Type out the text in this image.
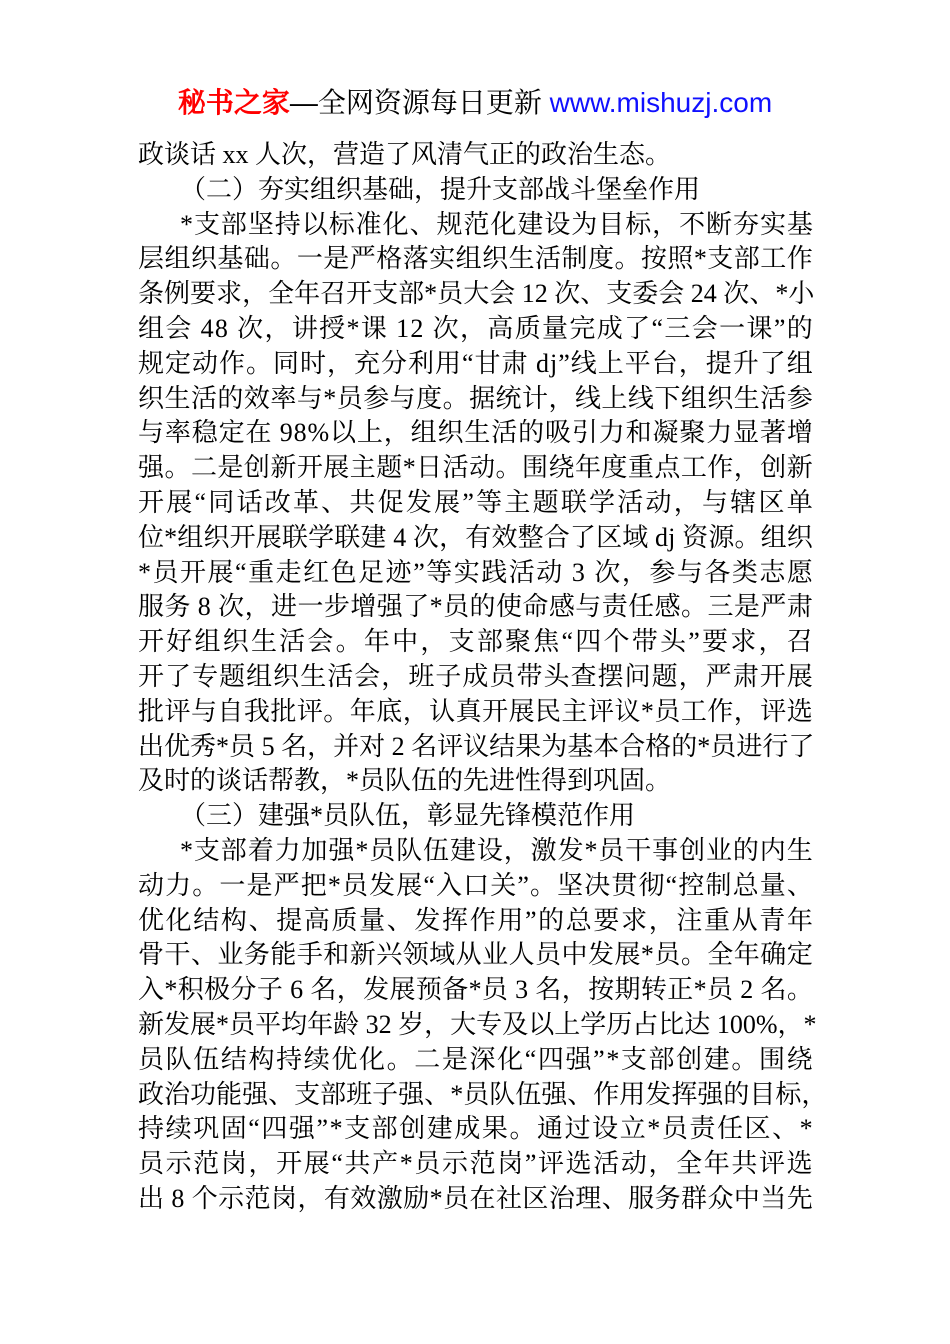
秘书之家—全网资源每日更新 www.mishuzj.com
政谈话 xx 人次，营造了风清气正的政治生态。
（二）夯实组织基础，提升支部战斗堡垒作用
* 支 部 坚 持 以 标 准 化 、 规 范 化 建 设 为 目 标 ， 不 断 夯 实 基
层 组 织 基 础 。 一 是 严 格 落 实 组 织 生 活 制 度 。 按 照 * 支 部 工 作
条 例 要 求 ， 全 年 召 开 支 部 * 员 大 会
1 2
次 、 支 委 会
2 4
次 、 * 小
组 会
4 8
次 ， 讲 授 * 课
1 2
次 ， 高 质 量 完 成 了 “ 三 会 一 课 ” 的
规 定 动 作 。 同 时 ， 充 分 利 用 “ 甘 肃
d j ” 线 上 平 台 ， 提 升 了 组
织 生 活 的 效 率 与 * 员 参 与 度 。 据 统 计 ， 线 上 线 下 组 织 生 活 参
与 率 稳 定 在
9 8 % 以 上 ， 组 织 生 活 的 吸 引 力 和 凝 聚 力 显 著 增
强 。 二 是 创 新 开 展 主 题 * 日 活 动 。 围 绕 年 度 重 点 工 作 ， 创 新
开 展 “ 同 话 改 革 、 共 促 发 展 ” 等 主 题 联 学 活 动 ， 与 辖 区 单
位 * 组 织 开 展 联 学 联 建
4
次 ， 有 效 整 合 了 区 域
d j
资 源 。 组 织
* 员 开 展 “ 重 走 红 色 足 迹 ” 等 实 践 活 动
3
次 ， 参 与 各 类 志 愿
服 务
8
次 ， 进 一 步 增 强 了 * 员 的 使 命 感 与 责 任 感 。 三 是 严 肃
开 好 组 织 生 活 会 。 年 中 ， 支 部 聚 焦 “ 四 个 带 头 ” 要 求 ， 召
开 了 专 题 组 织 生 活 会 ， 班 子 成 员 带 头 查 摆 问 题 ， 严 肃 开 展
批 评 与 自 我 批 评 。 年 底 ， 认 真 开 展 民 主 评 议 * 员 工 作 ， 评 选
出 优 秀 * 员
5
名 ， 并 对
2
名 评 议 结 果 为 基 本 合 格 的 * 员 进 行 了
及时的谈话帮教，*员队伍的先进性得到巩固。
（三）建强*员队伍，彰显先锋模范作用
* 支 部 着 力 加 强 * 员 队 伍 建 设 ， 激 发 * 员 干 事 创 业 的 内 生
动 力 。 一 是 严 把 * 员 发 展 “ 入 口 关 ” 。 坚 决 贯 彻 “ 控 制 总 量 、
优 化 结 构 、 提 高 质 量 、 发 挥 作 用 ” 的 总 要 求 ， 注 重 从 青 年
骨 干 、 业 务 能 手 和 新 兴 领 域 从 业 人 员 中 发 展 * 员 。 全 年 确 定
入 * 积 极 分 子
6
名 ， 发 展 预 备 * 员
3
名 ， 按 期 转 正 * 员
2
名 。
新 发 展 * 员 平 均 年 龄
3 2
岁 ， 大 专 及 以 上 学 历 占 比 达
1 0 0 % ， *
员 队 伍 结 构 持 续 优 化 。 二 是 深 化 “ 四 强 ” * 支 部 创 建 。 围 绕
政 治 功 能 强 、 支 部 班 子 强 、 * 员 队 伍 强 、 作 用 发 挥 强 的 目 标 ，
持 续 巩 固 “ 四 强 ” * 支 部 创 建 成 果 。 通 过 设 立 * 员 责 任 区 、 *
员 示 范 岗 ， 开 展 “ 共 产 * 员 示 范 岗 ” 评 选 活 动 ， 全 年 共 评 选
出
8
个 示 范 岗 ， 有 效 激 励 * 员 在 社 区 治 理 、 服 务 群 众 中 当 先
